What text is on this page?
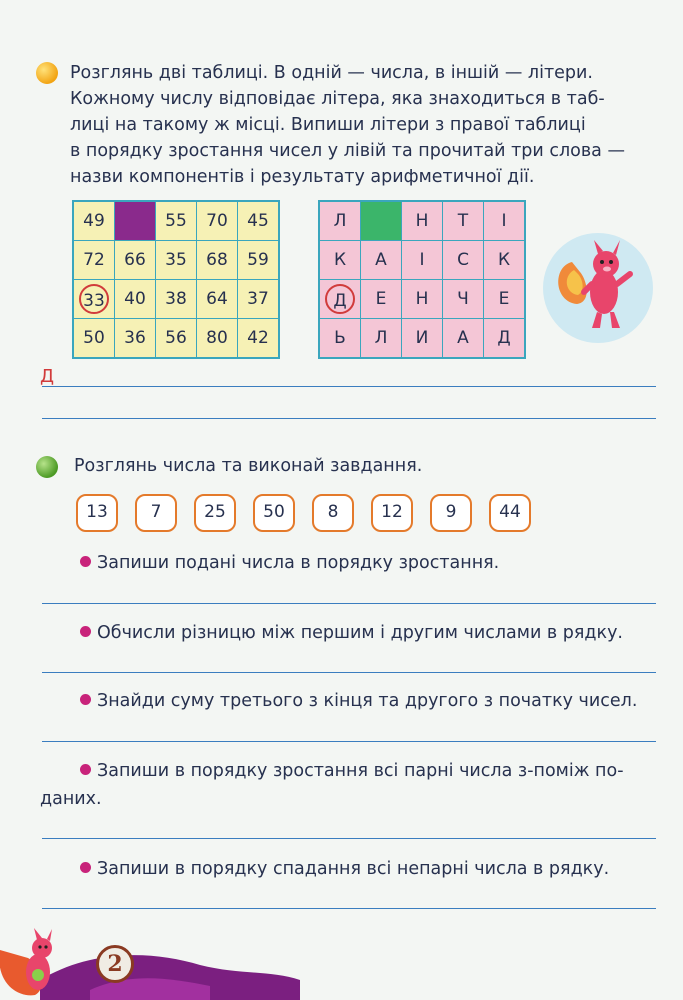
Розглянь дві таблиці. В одній — числа, в іншій — літери.

Кожному числу відповідає літера, яка знаходиться в таб-

лиці на такому ж місці. Випиши літери з правої таблиці

в порядку зростання чисел у лівій та прочитай три слова —

назви компонентів і результату арифметичної дії.

49		55	70	45
72	66	35	68	59
33	40	38	64	37
50	36	56	80	42
Л		Н	Т	І
К	А	І	С	К
Д	Е	Н	Ч	Е
Ь	Л	И	А	Д
Д
Розглянь числа та виконай завдання.
13	7	25	50	8	12	9	44
Запиши подані числа в порядку зростання.
Обчисли різницю між першим і другим числами в рядку.
Знайди суму третього з кінця та другого з початку чисел.
Запиши в порядку зростання всі парні числа з-поміж по-
даних.
Запиши в порядку спадання всі непарні числа в рядку.
2
